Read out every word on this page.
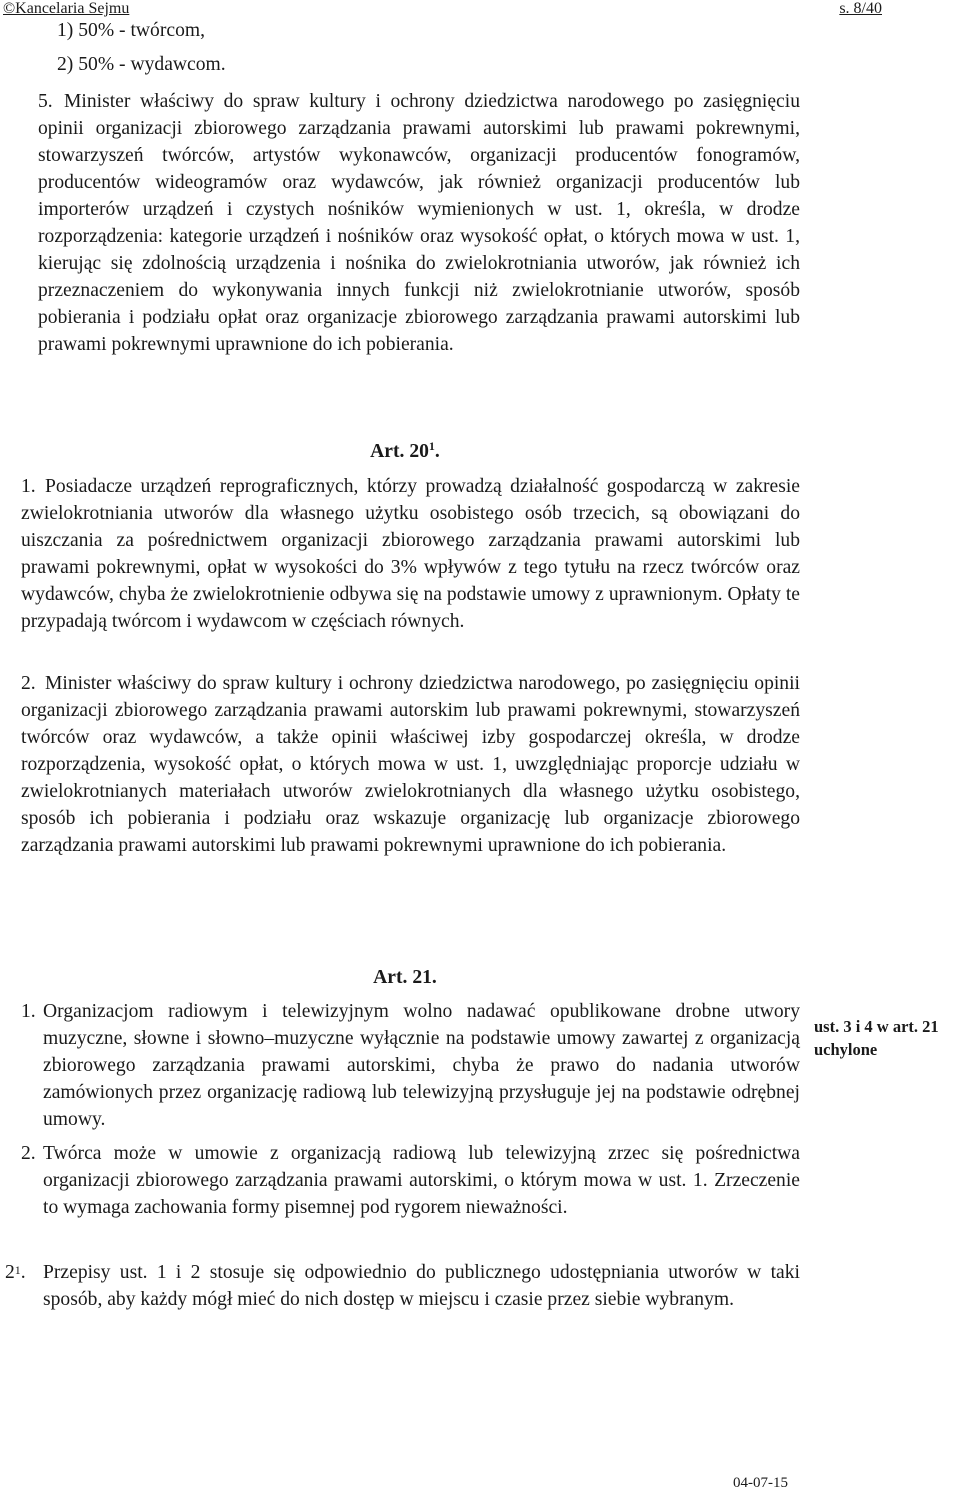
©Kancelaria Sejmu	s. 8/40
1) 50% - twórcom,
2) 50% - wydawcom.
5. Minister właściwy do spraw kultury i ochrony dziedzictwa narodowego po zasięgnięciu opinii organizacji zbiorowego zarządzania prawami autorskimi lub prawami pokrewnymi, stowarzyszeń twórców, artystów wykonawców, organizacji producentów fonogramów, producentów wideogramów oraz wydawców, jak również organizacji producentów lub importerów urządzeń i czystych nośników wymienionych w ust. 1, określa, w drodze rozporządzenia: kategorie urządzeń i nośników oraz wysokość opłat, o których mowa w ust. 1, kierując się zdolnością urządzenia i nośnika do zwielokrotniania utworów, jak również ich przeznaczeniem do wykonywania innych funkcji niż zwielokrotnianie utworów, sposób pobierania i podziału opłat oraz organizacje zbiorowego zarządzania prawami autorskimi lub prawami pokrewnymi uprawnione do ich pobierania.

Art. $20^1$.
1. Posiadacze urządzeń reprograficznych, którzy prowadzą działalność gospodarczą w zakresie zwielokrotniania utworów dla własnego użytku osobistego osób trzecich, są obowiązani do uiszczania za pośrednictwem organizacji zbiorowego zarządzania prawami autorskimi lub prawami pokrewnymi, opłat w wysokości do 3% wpływów z tego tytułu na rzecz twórców oraz wydawców, chyba że zwielokrotnienie odbywa się na podstawie umowy z uprawnionym. Opłaty te przypadają twórcom i wydawcom w częściach równych.

2. Minister właściwy do spraw kultury i ochrony dziedzictwa narodowego, po zasięgnięciu opinii organizacji zbiorowego zarządzania prawami autorskim lub prawami pokrewnymi, stowarzyszeń twórców oraz wydawców, a także opinii właściwej izby gospodarczej określa, w drodze rozporządzenia, wysokość opłat, o których mowa w ust. 1, uwzględniając proporcje udziału w zwielokrotnianych materiałach utworów zwielokrotnianych dla własnego użytku osobistego, sposób ich pobierania i podziału oraz wskazuje organizację lub organizacje zbiorowego zarządzania prawami autorskimi lub prawami pokrewnymi uprawnione do ich pobierania.

Art. 21.
1. Organizacjom radiowym i telewizyjnym wolno nadawać opublikowane drobne utwory muzyczne, słowne i słowno–muzyczne wyłącznie na podstawie umowy zawartej z organizacją zbiorowego zarządzania prawami autorskimi, chyba że prawo do nadania utworów zamówionych przez organizację radiową lub telewizyjną przysługuje jej na podstawie odrębnej umowy.

ust. 3 i 4 w art. 21 uchylone
2. Twórca może w umowie z organizacją radiową lub telewizyjną zrzec się pośrednictwa organizacji zbiorowego zarządzania prawami autorskimi, o którym mowa w ust. 1. Zrzeczenie to wymaga zachowania formy pisemnej pod rygorem nieważności.

$2^1$. Przepisy ust. 1 i 2 stosuje się odpowiednio do publicznego udostępniania utworów w taki sposób, aby każdy mógł mieć do nich dostęp w miejscu i czasie przez siebie wybranym.

04-07-15
